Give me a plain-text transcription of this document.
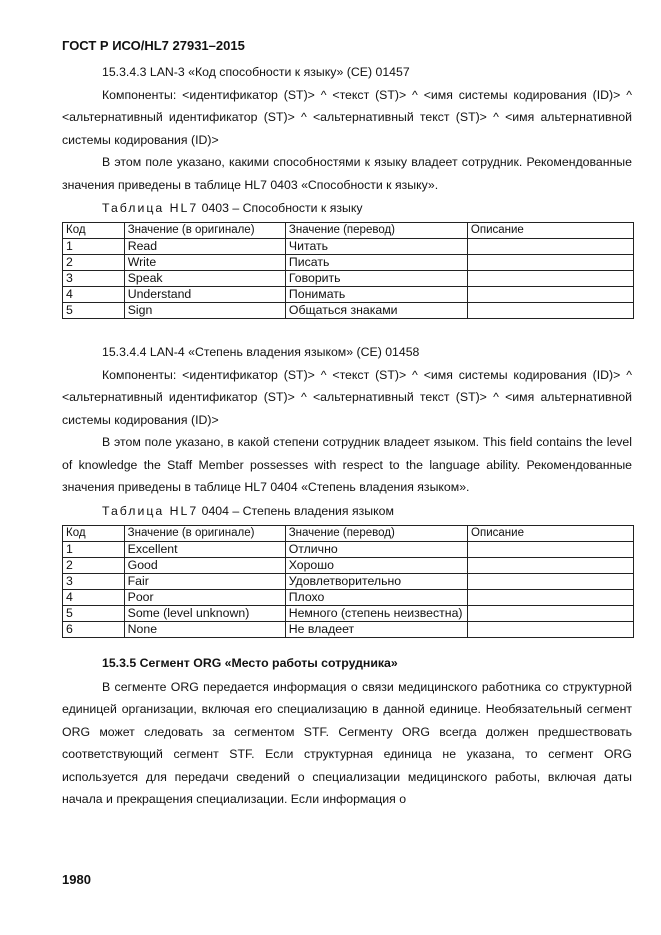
ГОСТ Р ИСО/HL7 27931–2015

15.3.4.3 LAN-3 «Код способности к языку» (CE) 01457

Компоненты: <идентификатор (ST)> ^ <текст (ST)> ^ <имя системы кодирования (ID)> ^ <альтернативный идентификатор (ST)> ^ <альтернативный текст (ST)> ^ <имя альтернативной системы кодирования (ID)>

В этом поле указано, какими способностями к языку владеет сотрудник. Рекомендованные значения приведены в таблице HL7 0403 «Способности к языку».

Таблица HL7 0403 – Способности к языку
Код	Значение (в оригинале)	Значение (перевод)	Описание
1	Read	Читать	
2	Write	Писать	
3	Speak	Говорить	
4	Understand	Понимать	
5	Sign	Общаться знаками	

15.3.4.4 LAN-4 «Степень владения языком» (CE) 01458

Компоненты: <идентификатор (ST)> ^ <текст (ST)> ^ <имя системы кодирования (ID)> ^ <альтернативный идентификатор (ST)> ^ <альтернативный текст (ST)> ^ <имя альтернативной системы кодирования (ID)>

В этом поле указано, в какой степени сотрудник владеет языком. This field contains the level of knowledge the Staff Member possesses with respect to the language ability. Рекомендованные значения приведены в таблице HL7 0404 «Степень владения языком».

Таблица HL7 0404 – Степень владения языком
Код	Значение (в оригинале)	Значение (перевод)	Описание
1	Excellent	Отлично	
2	Good	Хорошо	
3	Fair	Удовлетворительно	
4	Poor	Плохо	
5	Some (level unknown)	Немного (степень неизвестна)	
6	None	Не владеет	
15.3.5 Сегмент ORG «Место работы сотрудника»

В сегменте ORG передается информация о связи медицинского работника со структурной единицей организации, включая его специализацию в данной единице. Необязательный сегмент ORG может следовать за сегментом STF. Сегменту ORG всегда должен предшествовать соответствующий сегмент STF. Если структурная единица не указана, то сегмент ORG используется для передачи сведений о специализации медицинского работы, включая даты начала и прекращения специализации. Если информация о

1980
